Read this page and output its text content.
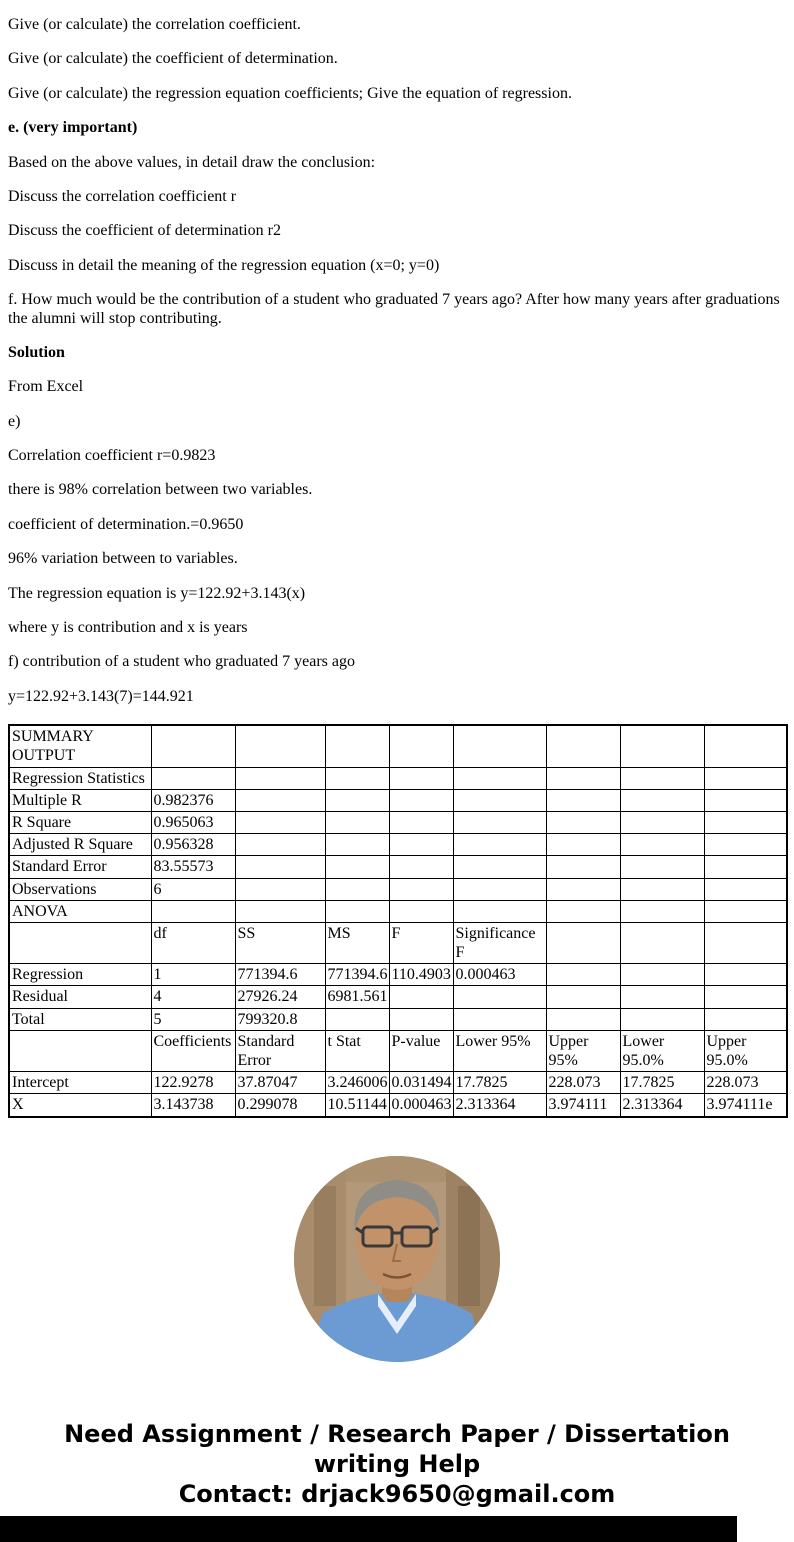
Give (or calculate) the correlation coefficient.

Give (or calculate) the coefficient of determination.

Give (or calculate) the regression equation coefficients; Give the equation of regression.

e. (very important)

Based on the above values, in detail draw the conclusion:

Discuss the correlation coefficient r

Discuss the coefficient of determination r2

Discuss in detail the meaning of the regression equation (x=0; y=0)

f. How much would be the contribution of a student who graduated 7 years ago? After how many years after graduations the alumni will stop contributing.

Solution

From Excel

e)

Correlation coefficient r=0.9823

there is 98% correlation between two variables.

coefficient of determination.=0.9650

96% variation between to variables.

The regression equation is y=122.92+3.143(x)

where y is contribution and x is years

f) contribution of a student who graduated 7 years ago

y=122.92+3.143(7)=144.921

SUMMARY OUTPUT								
Regression Statistics								
Multiple R	0.982376							
R Square	0.965063							
Adjusted R Square	0.956328							
Standard Error	83.55573							
Observations	6							
ANOVA								
	df	SS	MS	F	Significance F			
Regression	1	771394.6	771394.6	110.4903	0.000463			
Residual	4	27926.24	6981.561					
Total	5	799320.8						
	Coefficients	Standard Error	t Stat	P-value	Lower 95%	Upper 95%	Lower 95.0%	Upper 95.0%
Intercept	122.9278	37.87047	3.246006	0.031494	17.7825	228.073	17.7825	228.073
X	3.143738	0.299078	10.51144	0.000463	2.313364	3.974111	2.313364	3.974111e
Need Assignment / Research Paper / Dissertation writing Help
Contact: drjack9650@gmail.com
